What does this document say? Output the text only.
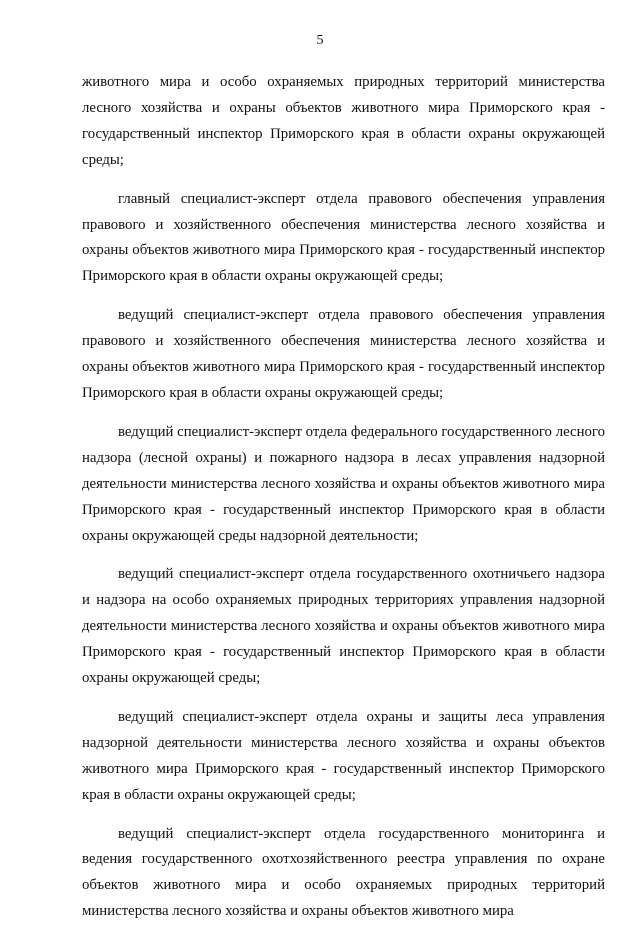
5

животного мира и особо охраняемых природных территорий министерства лесного хозяйства и охраны объектов животного мира Приморского края - государственный инспектор Приморского края в области охраны окружающей среды;

главный специалист-эксперт отдела правового обеспечения управления правового и хозяйственного обеспечения министерства лесного хозяйства и охраны объектов животного мира Приморского края - государственный инспектор Приморского края в области охраны окружающей среды;

ведущий специалист-эксперт отдела правового обеспечения управления правового и хозяйственного обеспечения министерства лесного хозяйства и охраны объектов животного мира Приморского края - государственный инспектор Приморского края в области охраны окружающей среды;

ведущий специалист-эксперт отдела федерального государственного лесного надзора (лесной охраны) и пожарного надзора в лесах управления надзорной деятельности министерства лесного хозяйства и охраны объектов животного мира Приморского края - государственный инспектор Приморского края в области охраны окружающей среды надзорной деятельности;

ведущий специалист-эксперт отдела государственного охотничьего надзора и надзора на особо охраняемых природных территориях управления надзорной деятельности министерства лесного хозяйства и охраны объектов животного мира Приморского края - государственный инспектор Приморского края в области охраны окружающей среды;

ведущий специалист-эксперт отдела охраны и защиты леса управления надзорной деятельности министерства лесного хозяйства и охраны объектов животного мира Приморского края - государственный инспектор Приморского края в области охраны окружающей среды;

ведущий специалист-эксперт отдела государственного мониторинга и ведения государственного охотхозяйственного реестра управления по охране объектов животного мира и особо охраняемых природных территорий министерства лесного хозяйства и охраны объектов животного мира
